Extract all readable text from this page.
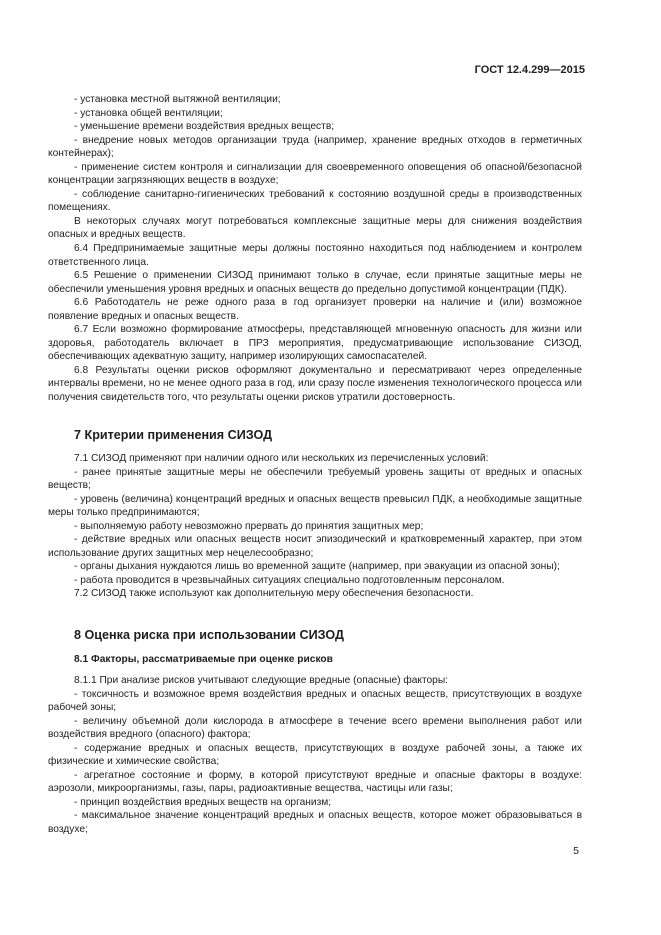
ГОСТ 12.4.299—2015

- установка местной вытяжной вентиляции;

- установка общей вентиляции;

- уменьшение времени воздействия вредных веществ;

- внедрение новых методов организации труда (например, хранение вредных отходов в герметичных контейнерах);

- применение систем контроля и сигнализации для своевременного оповещения об опасной/безопасной концентрации загрязняющих веществ в воздухе;

- соблюдение санитарно-гигиенических требований к состоянию воздушной среды в производственных помещениях.

В некоторых случаях могут потребоваться комплексные защитные меры для снижения воздействия опасных и вредных веществ.

6.4 Предпринимаемые защитные меры должны постоянно находиться под наблюдением и контролем ответственного лица.

6.5 Решение о применении СИЗОД принимают только в случае, если принятые защитные меры не обеспечили уменьшения уровня вредных и опасных веществ до предельно допустимой концентрации (ПДК).

6.6 Работодатель не реже одного раза в год организует проверки на наличие и (или) возможное появление вредных и опасных веществ.

6.7 Если возможно формирование атмосферы, представляющей мгновенную опасность для жизни или здоровья, работодатель включает в ПРЗ мероприятия, предусматривающие использование СИЗОД, обеспечивающих адекватную защиту, например изолирующих самоспасателей.

6.8 Результаты оценки рисков оформляют документально и пересматривают через определенные интервалы времени, но не менее одного раза в год, или сразу после изменения технологического процесса или получения свидетельств того, что результаты оценки рисков утратили достоверность.

7 Критерии применения СИЗОД

7.1 СИЗОД применяют при наличии одного или нескольких из перечисленных условий:

- ранее принятые защитные меры не обеспечили требуемый уровень защиты от вредных и опасных веществ;

- уровень (величина) концентраций вредных и опасных веществ превысил ПДК, а необходимые защитные меры только предпринимаются;

- выполняемую работу невозможно прервать до принятия защитных мер;

- действие вредных или опасных веществ носит эпизодический и кратковременный характер, при этом использование других защитных мер нецелесообразно;

- органы дыхания нуждаются лишь во временной защите (например, при эвакуации из опасной зоны);

- работа проводится в чрезвычайных ситуациях специально подготовленным персоналом.

7.2 СИЗОД также используют как дополнительную меру обеспечения безопасности.

8 Оценка риска при использовании СИЗОД
8.1 Факторы, рассматриваемые при оценке рисков

8.1.1 При анализе рисков учитывают следующие вредные (опасные) факторы:

- токсичность и возможное время воздействия вредных и опасных веществ, присутствующих в воздухе рабочей зоны;

- величину объемной доли кислорода в атмосфере в течение всего времени выполнения работ или воздействия вредного (опасного) фактора;

- содержание вредных и опасных веществ, присутствующих в воздухе рабочей зоны, а также их физические и химические свойства;

- агрегатное состояние и форму, в которой присутствуют вредные и опасные факторы в воздухе: аэрозоли, микроорганизмы, газы, пары, радиоактивные вещества, частицы или газы;

- принцип воздействия вредных веществ на организм;

- максимальное значение концентраций вредных и опасных веществ, которое может образовываться в воздухе;

5
